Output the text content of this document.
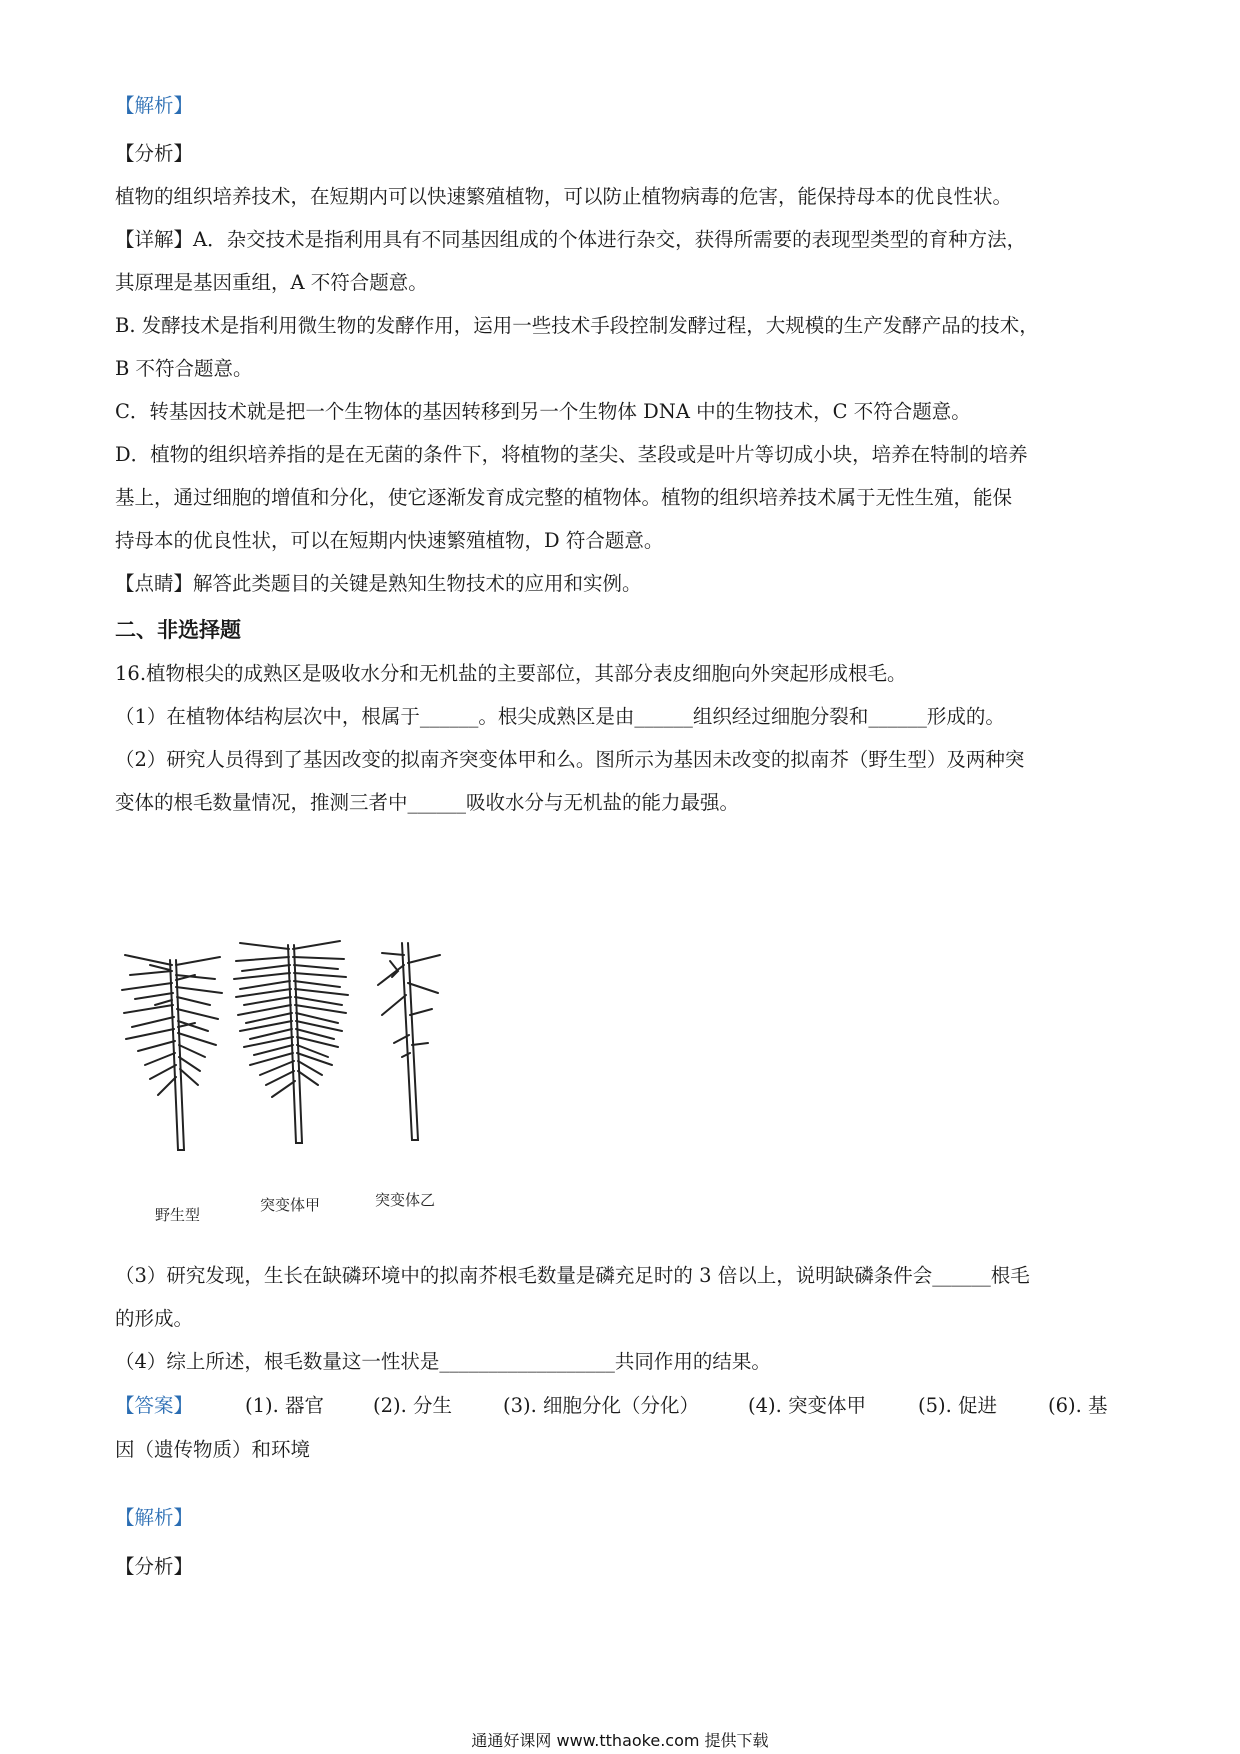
【解析】
【分析】
植物的组织培养技术，在短期内可以快速繁殖植物，可以防止植物病毒的危害，能保持母本的优良性状。
【详解】A．杂交技术是指利用具有不同基因组成的个体进行杂交，获得所需要的表现型类型的育种方法，
其原理是基因重组，A 不符合题意。
B. 发酵技术是指利用微生物的发酵作用，运用一些技术手段控制发酵过程，大规模的生产发酵产品的技术，
B 不符合题意。
C．转基因技术就是把一个生物体的基因转移到另一个生物体 DNA 中的生物技术，C 不符合题意。
D．植物的组织培养指的是在无菌的条件下，将植物的茎尖、茎段或是叶片等切成小块，培养在特制的培养
基上，通过细胞的增值和分化，使它逐渐发育成完整的植物体。植物的组织培养技术属于无性生殖，能保
持母本的优良性状，可以在短期内快速繁殖植物，D 符合题意。
【点睛】解答此类题目的关键是熟知生物技术的应用和实例。
二、非选择题
16.植物根尖的成熟区是吸收水分和无机盐的主要部位，其部分表皮细胞向外突起形成根毛。
（1）在植物体结构层次中，根属于______。根尖成熟区是由______组织经过细胞分裂和______形成的。
（2）研究人员得到了基因改变的拟南齐突变体甲和么。图所示为基因未改变的拟南芥（野生型）及两种突
变体的根毛数量情况，推测三者中______吸收水分与无机盐的能力最强。
野生型
突变体甲	突变体乙
（3）研究发现，生长在缺磷环境中的拟南芥根毛数量是磷充足时的 3 倍以上，说明缺磷条件会______根毛
的形成。
（4）综上所述，根毛数量这一性状是__________________共同作用的结果。
【答案】	(1). 器官	(2). 分生	(3). 细胞分化（分化）	(4). 突变体甲	(5). 促进	(6). 基
因（遗传物质）和环境
【解析】
【分析】
通通好课网 www.tthaoke.com 提供下载
